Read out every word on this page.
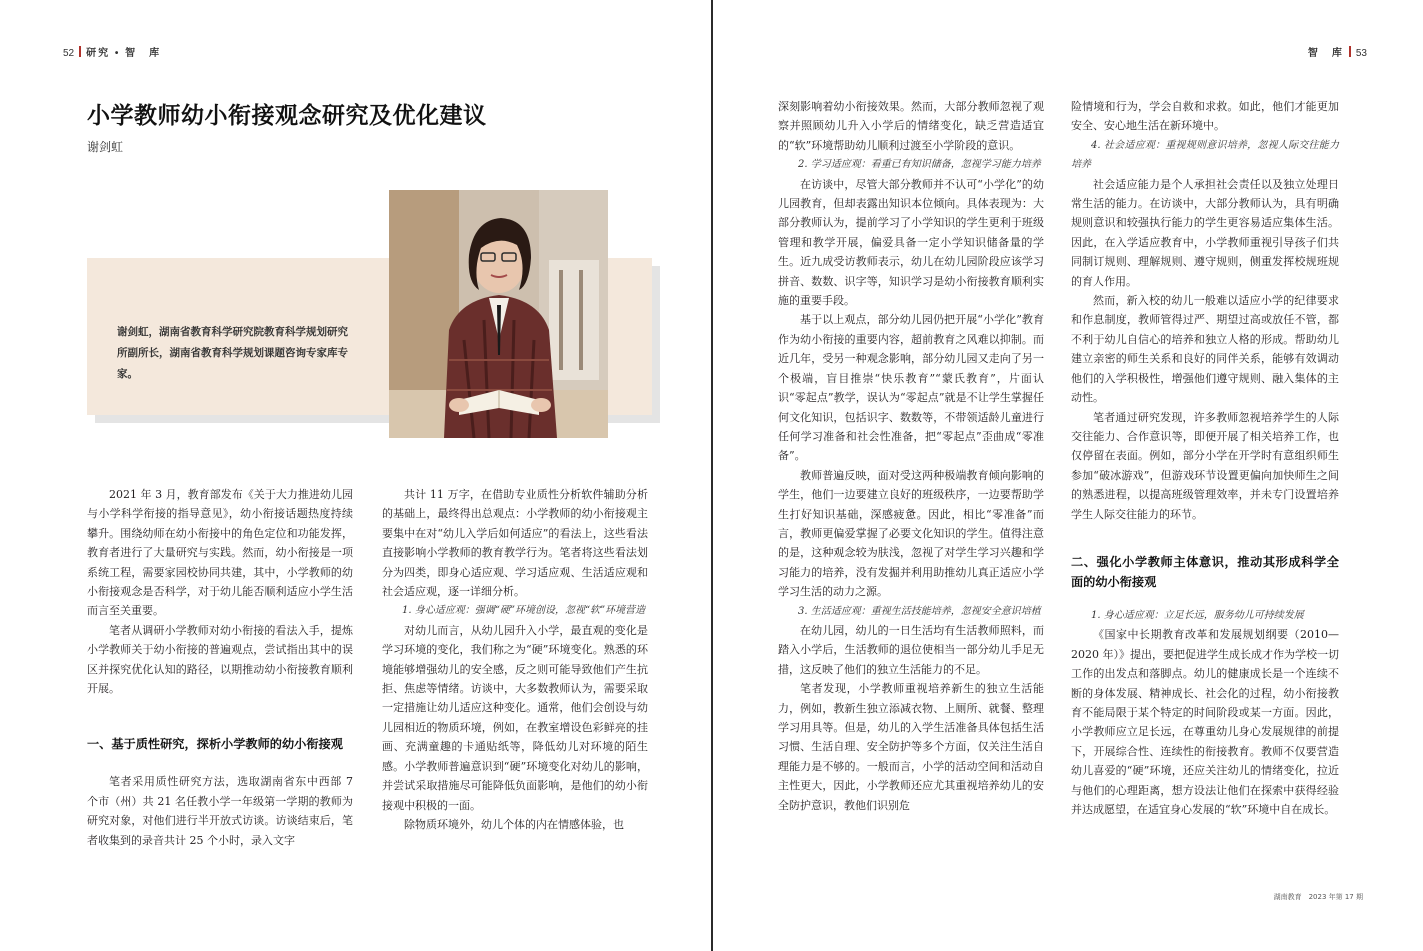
52 研究 • 智　库
小学教师幼小衔接观念研究及优化建议
谢剑虹
谢剑虹，湖南省教育科学研究院教育科学规划研究所副所长，湖南省教育科学规划课题咨询专家库专家。

2021 年 3 月，教育部发布《关于大力推进幼儿园与小学科学衔接的指导意见》，幼小衔接话题热度持续攀升。围绕幼师在幼小衔接中的角色定位和功能发挥，教育者进行了大量研究与实践。然而，幼小衔接是一项系统工程，需要家园校协同共建，其中，小学教师的幼小衔接观念是否科学，对于幼儿能否顺利适应小学生活而言至关重要。

笔者从调研小学教师对幼小衔接的看法入手，提炼小学教师关于幼小衔接的普遍观点，尝试指出其中的误区并探究优化认知的路径，以期推动幼小衔接教育顺利开展。

一、基于质性研究，探析小学教师的幼小衔接观

笔者采用质性研究方法，选取湖南省东中西部 7 个市（州）共 21 名任教小学一年级第一学期的教师为研究对象，对他们进行半开放式访谈。访谈结束后，笔者收集到的录音共计 25 个小时，录入文字

共计 11 万字，在借助专业质性分析软件辅助分析的基础上，最终得出总观点：小学教师的幼小衔接观主要集中在对“幼儿入学后如何适应”的看法上，这些看法直接影响小学教师的教育教学行为。笔者将这些看法划分为四类，即身心适应观、学习适应观、生活适应观和社会适应观，逐一详细分析。

1. 身心适应观：强调“硬”环境创设，忽视“软”环境营造

对幼儿而言，从幼儿园升入小学，最直观的变化是学习环境的变化，我们称之为“硬”环境变化。熟悉的环境能够增强幼儿的安全感，反之则可能导致他们产生抗拒、焦虑等情绪。访谈中，大多数教师认为，需要采取一定措施让幼儿适应这种变化。通常，他们会创设与幼儿园相近的物质环境，例如，在教室增设色彩鲜亮的挂画、充满童趣的卡通贴纸等，降低幼儿对环境的陌生感。小学教师普遍意识到“硬”环境变化对幼儿的影响，并尝试采取措施尽可能降低负面影响，是他们的幼小衔接观中积极的一面。

除物质环境外，幼儿个体的内在情感体验，也

智　库 53

深刻影响着幼小衔接效果。然而，大部分教师忽视了观察并照顾幼儿升入小学后的情绪变化，缺乏营造适宜的“软”环境帮助幼儿顺利过渡至小学阶段的意识。

2. 学习适应观：看重已有知识储备，忽视学习能力培养

在访谈中，尽管大部分教师并不认可“小学化”的幼儿园教育，但却表露出知识本位倾向。具体表现为：大部分教师认为，提前学习了小学知识的学生更利于班级管理和教学开展，偏爱具备一定小学知识储备量的学生。近九成受访教师表示，幼儿在幼儿园阶段应该学习拼音、数数、识字等，知识学习是幼小衔接教育顺利实施的重要手段。

基于以上观点，部分幼儿园仍把开展“小学化”教育作为幼小衔接的重要内容，超前教育之风难以抑制。而近几年，受另一种观念影响，部分幼儿园又走向了另一个极端，盲目推崇“快乐教育”“蒙氏教育”，片面认识“零起点”教学，误认为“零起点”就是不让学生掌握任何文化知识，包括识字、数数等，不带领适龄儿童进行任何学习准备和社会性准备，把“零起点”歪曲成“零准备”。

教师普遍反映，面对受这两种极端教育倾向影响的学生，他们一边要建立良好的班级秩序，一边要帮助学生打好知识基础，深感疲惫。因此，相比“零准备”而言，教师更偏爱掌握了必要文化知识的学生。值得注意的是，这种观念较为肤浅，忽视了对学生学习兴趣和学习能力的培养，没有发掘并利用助推幼儿真正适应小学学习生活的动力之源。

3. 生活适应观：重视生活技能培养，忽视安全意识培植

在幼儿园，幼儿的一日生活均有生活教师照料，而踏入小学后，生活教师的退位使相当一部分幼儿手足无措，这反映了他们的独立生活能力的不足。

笔者发现，小学教师重视培养新生的独立生活能力，例如，教新生独立添减衣物、上厕所、就餐、整理学习用具等。但是，幼儿的入学生活准备具体包括生活习惯、生活自理、安全防护等多个方面，仅关注生活自理能力是不够的。一般而言，小学的活动空间和活动自主性更大，因此，小学教师还应尤其重视培养幼儿的安全防护意识，教他们识别危

险情境和行为，学会自救和求救。如此，他们才能更加安全、安心地生活在新环境中。

4. 社会适应观：重视规则意识培养，忽视人际交往能力培养

社会适应能力是个人承担社会责任以及独立处理日常生活的能力。在访谈中，大部分教师认为，具有明确规则意识和较强执行能力的学生更容易适应集体生活。因此，在入学适应教育中，小学教师重视引导孩子们共同制订规则、理解规则、遵守规则，侧重发挥校规班规的育人作用。

然而，新入校的幼儿一般难以适应小学的纪律要求和作息制度，教师管得过严、期望过高或放任不管，都不利于幼儿自信心的培养和独立人格的形成。帮助幼儿建立亲密的师生关系和良好的同伴关系，能够有效调动他们的入学积极性，增强他们遵守规则、融入集体的主动性。

笔者通过研究发现，许多教师忽视培养学生的人际交往能力、合作意识等，即便开展了相关培养工作，也仅停留在表面。例如，部分小学在开学时有意组织师生参加“破冰游戏”，但游戏环节设置更偏向加快师生之间的熟悉进程，以提高班级管理效率，并未专门设置培养学生人际交往能力的环节。

二、强化小学教师主体意识，推动其形成科学全面的幼小衔接观

1. 身心适应观：立足长远，服务幼儿可持续发展

《国家中长期教育改革和发展规划纲要（2010—2020 年）》提出，要把促进学生成长成才作为学校一切工作的出发点和落脚点。幼儿的健康成长是一个连续不断的身体发展、精神成长、社会化的过程，幼小衔接教育不能局限于某个特定的时间阶段或某一方面。因此，小学教师应立足长远，在尊重幼儿身心发展规律的前提下，开展综合性、连续性的衔接教育。教师不仅要营造幼儿喜爱的“硬”环境，还应关注幼儿的情绪变化，拉近与他们的心理距离，想方设法让他们在探索中获得经验并达成愿望，在适宜身心发展的“软”环境中自在成长。

湖南教育　2023 年第 17 期
